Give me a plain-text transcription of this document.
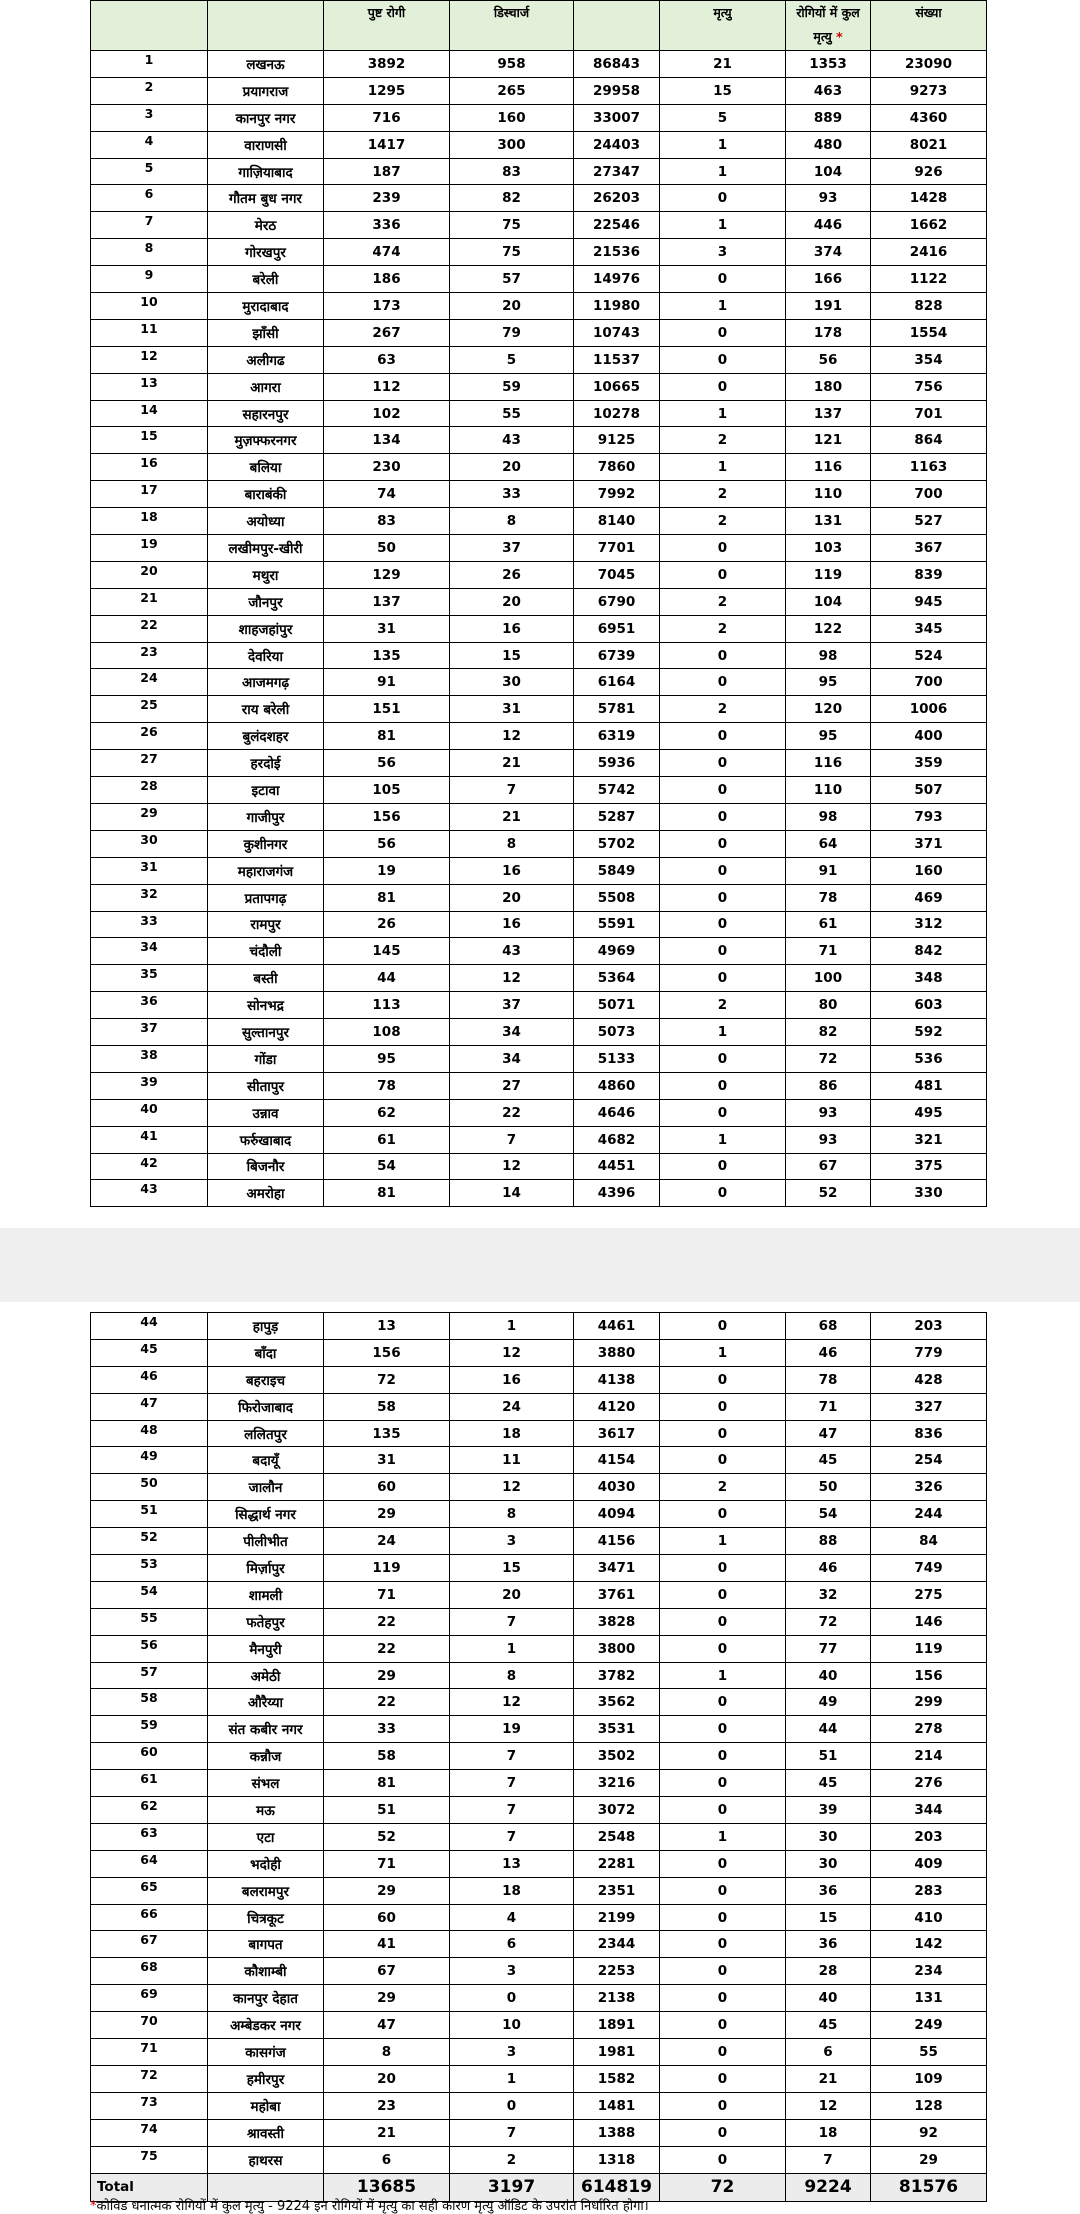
		पुष्ट रोगी	डिस्चार्ज		मृत्यु	रोगियों में कुल मृत्यु *	संख्या
1	लखनऊ	3892	958	86843	21	1353	23090
2	प्रयागराज	1295	265	29958	15	463	9273
3	कानपुर नगर	716	160	33007	5	889	4360
4	वाराणसी	1417	300	24403	1	480	8021
5	गाज़ियाबाद	187	83	27347	1	104	926
6	गौतम बुध नगर	239	82	26203	0	93	1428
7	मेरठ	336	75	22546	1	446	1662
8	गोरखपुर	474	75	21536	3	374	2416
9	बरेली	186	57	14976	0	166	1122
10	मुरादाबाद	173	20	11980	1	191	828
11	झाँसी	267	79	10743	0	178	1554
12	अलीगढ	63	5	11537	0	56	354
13	आगरा	112	59	10665	0	180	756
14	सहारनपुर	102	55	10278	1	137	701
15	मुज़फ्फरनगर	134	43	9125	2	121	864
16	बलिया	230	20	7860	1	116	1163
17	बाराबंकी	74	33	7992	2	110	700
18	अयोध्या	83	8	8140	2	131	527
19	लखीमपुर-खीरी	50	37	7701	0	103	367
20	मथुरा	129	26	7045	0	119	839
21	जौनपुर	137	20	6790	2	104	945
22	शाहजहांपुर	31	16	6951	2	122	345
23	देवरिया	135	15	6739	0	98	524
24	आजमगढ़	91	30	6164	0	95	700
25	राय बरेली	151	31	5781	2	120	1006
26	बुलंदशहर	81	12	6319	0	95	400
27	हरदोई	56	21	5936	0	116	359
28	इटावा	105	7	5742	0	110	507
29	गाजीपुर	156	21	5287	0	98	793
30	कुशीनगर	56	8	5702	0	64	371
31	महाराजगंज	19	16	5849	0	91	160
32	प्रतापगढ़	81	20	5508	0	78	469
33	रामपुर	26	16	5591	0	61	312
34	चंदौली	145	43	4969	0	71	842
35	बस्ती	44	12	5364	0	100	348
36	सोनभद्र	113	37	5071	2	80	603
37	सुल्तानपुर	108	34	5073	1	82	592
38	गोंडा	95	34	5133	0	72	536
39	सीतापुर	78	27	4860	0	86	481
40	उन्नाव	62	22	4646	0	93	495
41	फर्रुखाबाद	61	7	4682	1	93	321
42	बिजनौर	54	12	4451	0	67	375
43	अमरोहा	81	14	4396	0	52	330
44	हापुड़	13	1	4461	0	68	203
45	बाँदा	156	12	3880	1	46	779
46	बहराइच	72	16	4138	0	78	428
47	फिरोजाबाद	58	24	4120	0	71	327
48	ललितपुर	135	18	3617	0	47	836
49	बदायूँ	31	11	4154	0	45	254
50	जालौन	60	12	4030	2	50	326
51	सिद्धार्थ नगर	29	8	4094	0	54	244
52	पीलीभीत	24	3	4156	1	88	84
53	मिर्ज़ापुर	119	15	3471	0	46	749
54	शामली	71	20	3761	0	32	275
55	फतेहपुर	22	7	3828	0	72	146
56	मैनपुरी	22	1	3800	0	77	119
57	अमेठी	29	8	3782	1	40	156
58	औरैय्या	22	12	3562	0	49	299
59	संत कबीर नगर	33	19	3531	0	44	278
60	कन्नौज	58	7	3502	0	51	214
61	संभल	81	7	3216	0	45	276
62	मऊ	51	7	3072	0	39	344
63	एटा	52	7	2548	1	30	203
64	भदोही	71	13	2281	0	30	409
65	बलरामपुर	29	18	2351	0	36	283
66	चित्रकूट	60	4	2199	0	15	410
67	बागपत	41	6	2344	0	36	142
68	कौशाम्बी	67	3	2253	0	28	234
69	कानपुर देहात	29	0	2138	0	40	131
70	अम्बेडकर नगर	47	10	1891	0	45	249
71	कासगंज	8	3	1981	0	6	55
72	हमीरपुर	20	1	1582	0	21	109
73	महोबा	23	0	1481	0	12	128
74	श्रावस्ती	21	7	1388	0	18	92
75	हाथरस	6	2	1318	0	7	29
Total		13685	3197	614819	72	9224	81576
*कोविड धनात्मक रोगियों में कुल मृत्यु - 9224 इन रोगियों में मृत्यु का सही कारण मृत्यु ऑडिट के उपरांत निर्धारित होगा।
